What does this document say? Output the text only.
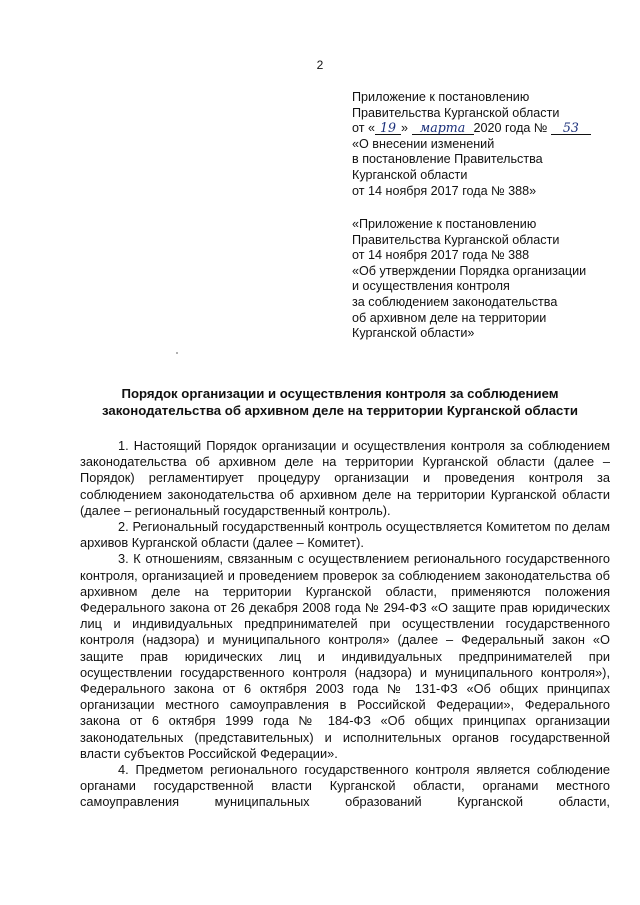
2
Приложение к постановлению
Правительства Курганской области
от « 19 » марта 2020 года № 53
«О внесении изменений
в постановление Правительства
Курганской области
от 14 ноября 2017 года № 388»
«Приложение к постановлению
Правительства Курганской области
от 14 ноября 2017 года № 388
«Об утверждении Порядка организации
и осуществления контроля
за соблюдением законодательства
об архивном деле на территории
Курганской области»
Порядок организации и осуществления контроля за соблюдением
законодательства об архивном деле на территории Курганской области

1. Настоящий Порядок организации и осуществления контроля за соблюдением законодательства об архивном деле на территории Курганской области (далее – Порядок) регламентирует процедуру организации и проведения контроля за соблюдением законодательства об архивном деле на территории Курганской области (далее – региональный государственный контроль).

2. Региональный государственный контроль осуществляется Комитетом по делам архивов Курганской области (далее – Комитет).

3. К отношениям, связанным с осуществлением регионального государственного контроля, организацией и проведением проверок за соблюдением законодательства об архивном деле на территории Курганской области, применяются положения Федерального закона от 26 декабря 2008 года № 294-ФЗ «О защите прав юридических лиц и индивидуальных предпринимателей при осуществлении государственного контроля (надзора) и муниципального контроля» (далее – Федеральный закон «О защите прав юридических лиц и индивидуальных предпринимателей при осуществлении государственного контроля (надзора) и муниципального контроля»), Федерального закона от 6 октября 2003 года № 131-ФЗ «Об общих принципах организации местного самоуправления в Российской Федерации», Федерального закона от 6 октября 1999 года № 184-ФЗ «Об общих принципах организации законодательных (представительных) и исполнительных органов государственной власти субъектов Российской Федерации».

4. Предметом регионального государственного контроля является соблюдение органами государственной власти Курганской области, органами местного самоуправления муниципальных образований Курганской области,
